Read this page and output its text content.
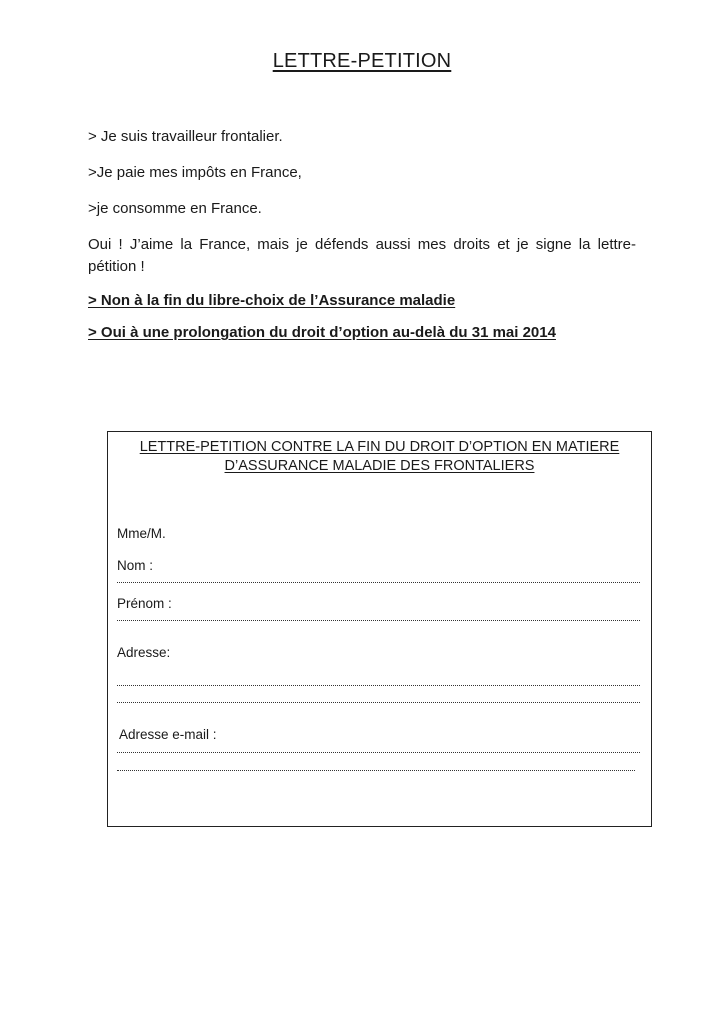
LETTRE-PETITION

> Je suis travailleur frontalier.

>Je paie mes impôts en France,

>je consomme en France.

Oui ! J’aime la France, mais je défends aussi mes droits et je signe la lettre-pétition !

> Non à la fin du libre-choix de l’Assurance maladie

> Oui à une prolongation du droit d’option au-delà du 31 mai 2014

LETTRE-PETITION CONTRE LA FIN DU DROIT D’OPTION EN MATIERE
D’ASSURANCE MALADIE DES FRONTALIERS
Mme/M.
Nom :
Prénom :
Adresse:
Adresse e-mail :
